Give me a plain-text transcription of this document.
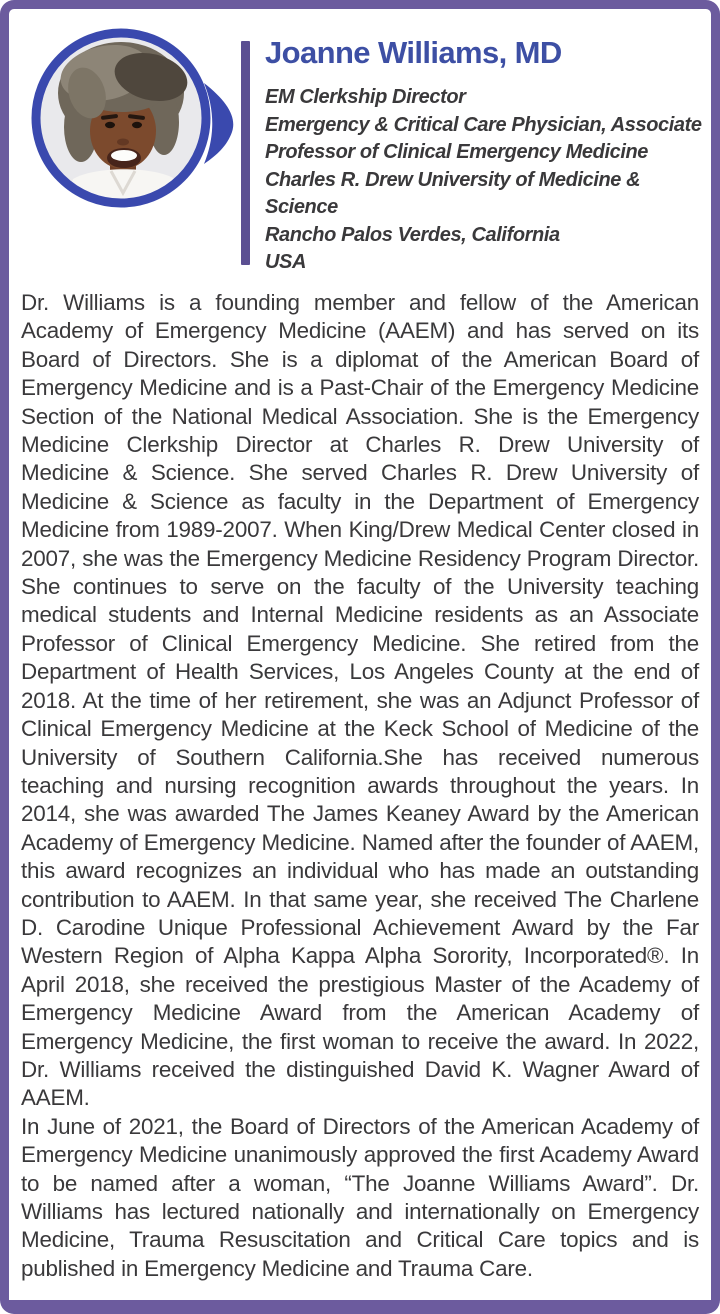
Joanne Williams, MD
EM Clerkship Director
Emergency & Critical Care Physician, Associate
Professor of Clinical Emergency Medicine
Charles R. Drew University of Medicine &
Science
Rancho Palos Verdes, California
USA

Dr. Williams is a founding member and fellow of the American Academy of Emergency Medicine (AAEM) and has served on its Board of Directors. She is a diplomat of the American Board of Emergency Medicine and is a Past-Chair of the Emergency Medicine Section of the National Medical Association. She is the Emergency Medicine Clerkship Director at Charles R. Drew University of Medicine & Science. She served Charles R. Drew University of Medicine & Science as faculty in the Department of Emergency Medicine from 1989-2007. When King/Drew Medical Center closed in 2007, she was the Emergency Medicine Residency Program Director. She continues to serve on the faculty of the University teaching medical students and Internal Medicine residents as an Associate Professor of Clinical Emergency Medicine. She retired from the Department of Health Services, Los Angeles County at the end of 2018. At the time of her retirement, she was an Adjunct Professor of Clinical Emergency Medicine at the Keck School of Medicine of the University of Southern California.She has received numerous teaching and nursing recognition awards throughout the years. In 2014, she was awarded The James Keaney Award by the American Academy of Emergency Medicine. Named after the founder of AAEM, this award recognizes an individual who has made an outstanding contribution to AAEM. In that same year, she received The Charlene D. Carodine Unique Professional Achievement Award by the Far Western Region of Alpha Kappa Alpha Sorority, Incorporated®. In April 2018, she received the prestigious Master of the Academy of Emergency Medicine Award from the American Academy of Emergency Medicine, the first woman to receive the award. In 2022, Dr. Williams received the distinguished David K. Wagner Award of AAEM.

In June of 2021, the Board of Directors of the American Academy of Emergency Medicine unanimously approved the first Academy Award to be named after a woman, “The Joanne Williams Award”. Dr. Williams has lectured nationally and internationally on Emergency Medicine, Trauma Resuscitation and Critical Care topics and is published in Emergency Medicine and Trauma Care.
